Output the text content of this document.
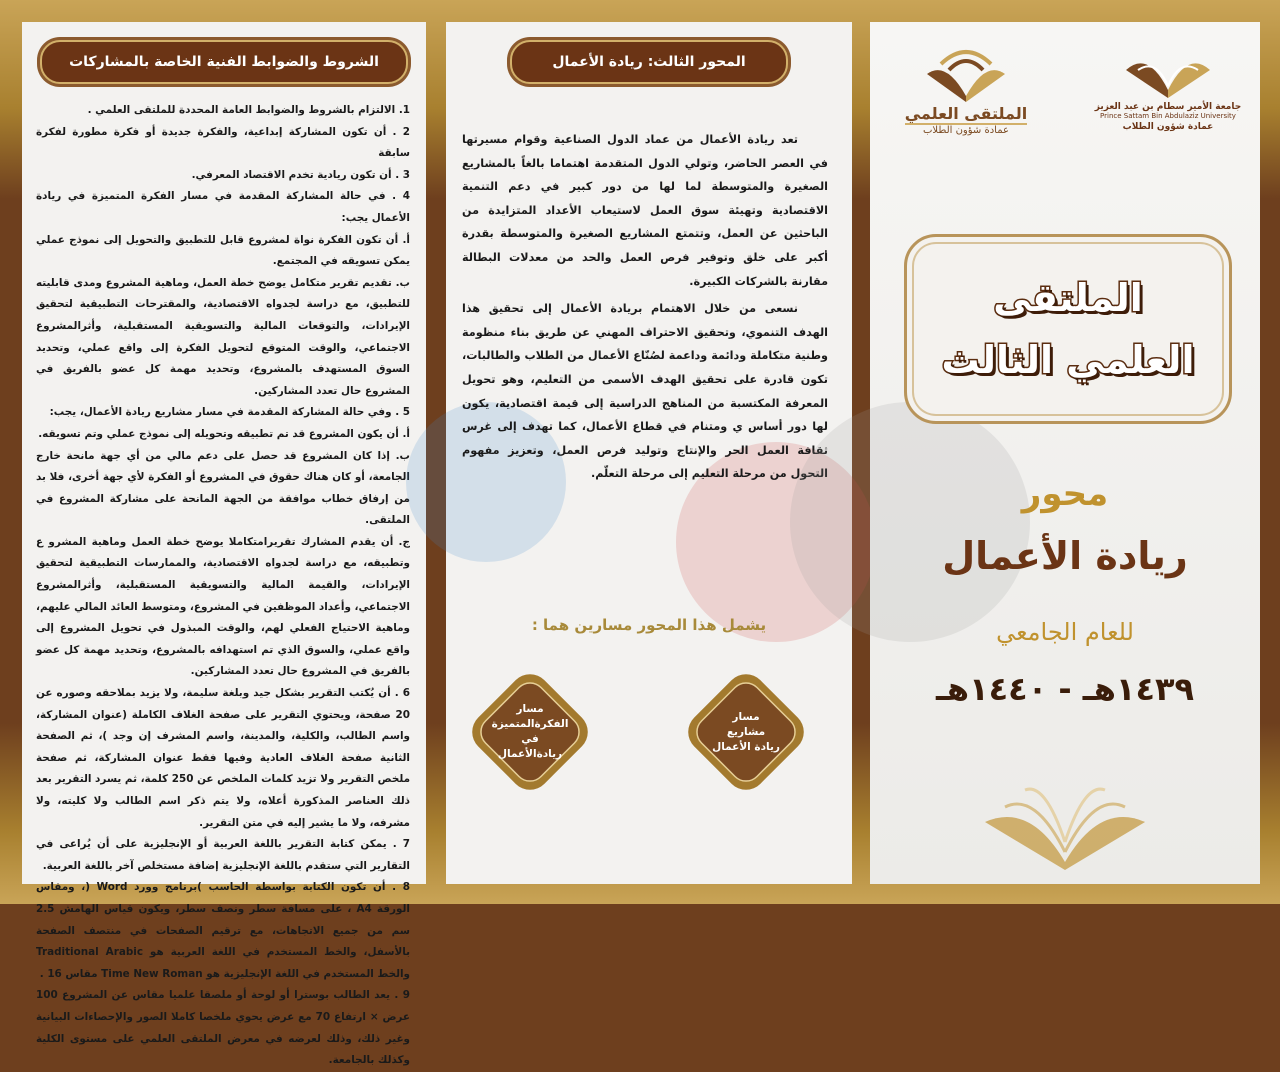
الشروط والضوابط الفنية الخاصة بالمشاركات

1. الالتزام بالشروط والضوابط العامة المحددة للملتقى العلمي .

2 . أن تكون المشاركة إبداعية، والفكرة جديدة أو فكرة مطورة لفكرة سابقة

3 . أن تكون ريادية تخدم الاقتصاد المعرفي.

4 . في حالة المشاركة المقدمة في مسار الفكرة المتميزة في ريادة الأعمال يجب:

أ. أن تكون الفكرة نواة لمشروع قابل للتطبيق والتحويل إلى نموذج عملي يمكن تسويقه في المجتمع.

ب. تقديم تقرير متكامل يوضح خطة العمل، وماهية المشروع ومدى قابليته للتطبيق، مع دراسة لجدواه الاقتصادية، والمقترحات التطبيقية لتحقيق الإيرادات، والتوقعات المالية والتسويقية المستقبلية، وأثرالمشروع الاجتماعي، والوقت المتوقع لتحويل الفكرة إلى واقع عملي، وتحديد السوق المستهدف بالمشروع، وتحديد مهمة كل عضو بالفريق في المشروع حال تعدد المشاركين.

5 . وفي حالة المشاركة المقدمة في مسار مشاريع ريادة الأعمال، يجب:

أ. أن يكون المشروع قد تم تطبيقه وتحويله إلى نموذج عملي وتم تسويقه.

ب. إذا كان المشروع قد حصل على دعم مالي من أي جهة مانحة خارج الجامعة، أو كان هناك حقوق في المشروع أو الفكرة لأي جهة أخرى، فلا بد من إرفاق خطاب موافقة من الجهة المانحة على مشاركة المشروع في الملتقى.

ج. أن يقدم المشارك تقريرامتكاملا يوضح خطة العمل وماهية المشرو ع وتطبيقه، مع دراسة لجدواه الاقتصادية، والممارسات التطبيقية لتحقيق الإيرادات، والقيمة المالية والتسويقية المستقبلية، وأثرالمشروع الاجتماعي، وأعداد الموظفين في المشروع، ومتوسط العائد المالي عليهم، وماهية الاحتياج الفعلي لهم، والوقت المبذول في تحويل المشروع إلى واقع عملي، والسوق الذي تم استهدافه بالمشروع، وتحديد مهمة كل عضو بالفريق في المشروع حال تعدد المشاركين.

6 . أن يُكتب التقرير بشكل جيد وبلغة سليمة، ولا يزيد بملاحقه وصوره عن 20 صفحة، ويحتوي التقرير على صفحة الغلاف الكاملة (عنوان المشاركة، واسم الطالب، والكلية، والمدينة، واسم المشرف إن وجد )، ثم الصفحة الثانية صفحة الغلاف العادية وفيها فقط عنوان المشاركة، ثم صفحة ملخص التقرير ولا تزيد كلمات الملخص عن 250 كلمة، ثم يسرد التقرير بعد ذلك العناصر المذكورة أعلاه، ولا يتم ذكر اسم الطالب ولا كليته، ولا مشرفه، ولا ما يشير إليه في متن التقرير.

7 . يمكن كتابة التقرير باللغة العربية أو الإنجليزية على أن يُراعى في التقارير التي ستقدم باللغة الإنجليزية إضافة مستخلص آخر باللغة العربية.

8 . أن تكون الكتابة بواسطة الحاسب )برنامج وورد Word (، ومقاس الورقة A4 ، على مسافة سطر ونصف سطر، ويكون قياس الهامش 2.5 سم من جميع الاتجاهات، مع ترقيم الصفحات في منتصف الصفحة بالأسفل، والخط المستخدم في اللغة العربية هو Traditional Arabic والخط المستخدم في اللغة الإنجليزية هو Time New Roman مقاس 16 .

9 . يعد الطالب بوسترا أو لوحة أو ملصقا علميا مقاس عن المشروع 100 عرض × ارتفاع 70 مع عرض يحوي ملخصا كاملا الصور والإحصاءات البيانية وغير ذلك، وذلك لعرضه في معرض الملتقى العلمي على مستوى الكلية وكذلك بالجامعة.

المحور الثالث: ريادة الأعمال

تعد ريادة الأعمال من عماد الدول الصناعية وقوام مسيرتها في العصر الحاضر، وتولي الدول المتقدمة اهتماما بالغاً بالمشاريع الصغيرة والمتوسطة لما لها من دور كبير في دعم التنمية الاقتصادية وتهيئة سوق العمل لاستيعاب الأعداد المتزايدة من الباحثين عن العمل، وتتمتع المشاريع الصغيرة والمتوسطة بقدرة أكبر على خلق وتوفير فرص العمل والحد من معدلات البطالة مقارنة بالشركات الكبيرة.

نسعى من خلال الاهتمام بريادة الأعمال إلى تحقيق هذا الهدف التنموي، وتحقيق الاحتراف المهني عن طريق بناء منظومة وطنية متكاملة ودائمة وداعمة لصُنّاع الأعمال من الطلاب والطالبات، تكون قادرة على تحقيق الهدف الأسمى من التعليم، وهو تحويل المعرفة المكتسبة من المناهج الدراسية إلى قيمة اقتصادية، يكون لها دور أساس ي ومتنام في قطاع الأعمال، كما تهدف إلى غرس ثقافة العمل الحر والإنتاج وتوليد فرص العمل، وتعزيز مفهوم التحول من مرحلة التعليم إلى مرحلة التعلّم.

يشمل هذا المحور مسارين هما :
مسار
الفكرةالمتميزة
في ريادةالأعمال
مسار
مشاريع
ريادة الأعمال
جامعة الأمير سطام بن عبد العزيز
Prince Sattam Bin Abdulaziz University
عمادة شؤون الطلاب
الملتقى العلمي
عمادة شؤون الطلاب
الملتقى
العلمي الثالث
محور
ريادة الأعمال
للعام الجامعي
١٤٣٩هـ - ١٤٤٠هـ
